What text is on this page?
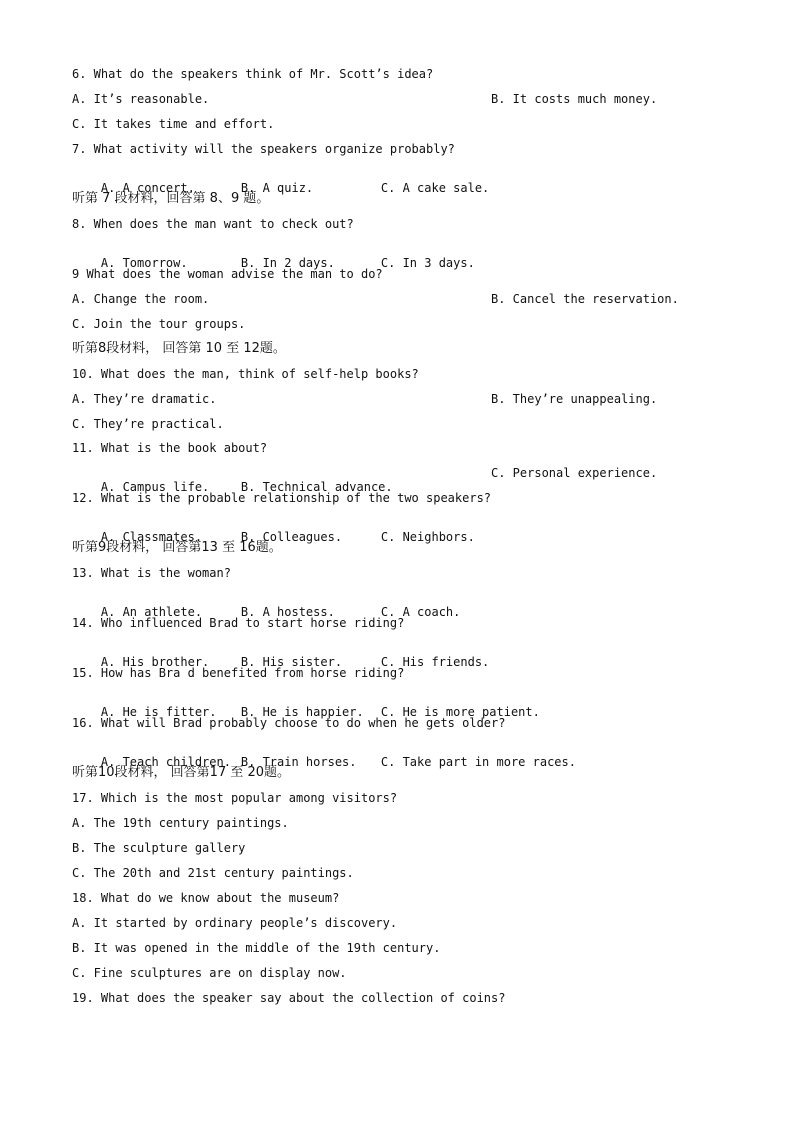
6. What do the speakers think of Mr. Scott’s idea?
A. It’s reasonable.	B. It costs much money.
C. It takes time and effort.
7. What activity will the speakers organize probably?

A. A concert.	B. A quiz.	C. A cake sale.

听第 7 段材料，回答第 8、9 题。
8. When does the man want to check out?

A. Tomorrow.	B. In 2 days.	C. In 3 days.

9 What does the woman advise the man to do?
A. Change the room.	B. Cancel the reservation.
C. Join the tour groups.
听第8段材料， 回答第 10 至 12题。
10. What does the man, think of self-help books?
A. They’re dramatic.	B. They’re unappealing.
C. They’re practical.
11. What is the book about?

A. Campus life.	B. Technical advance.

C. Personal experience.
12. What is the probable relationship of the two speakers?

A. Classmates.	B. Colleagues.	C. Neighbors.

听第9段材料， 回答第13 至 16题。
13. What is the woman?

A. An athlete.	B. A hostess.	C. A coach.

14. Who influenced Brad to start horse riding?

A. His brother.	B. His sister.	C. His friends.

15. How has Bra d benefited from horse riding?

A. He is fitter. B. He is happier. C. He is more patient.

16. What will Brad probably choose to do when he gets older?

A. Teach children. B. Train horses. C. Take part in more races.

听第10段材料， 回答第17 至 20题。
17. Which is the most popular among visitors?
A. The 19th century paintings.
B. The sculpture gallery
C. The 20th and 21st century paintings.
18. What do we know about the museum?
A. It started by ordinary people’s discovery.
B. It was opened in the middle of the 19th century.
C. Fine sculptures are on display now.
19. What does the speaker say about the collection of coins?
